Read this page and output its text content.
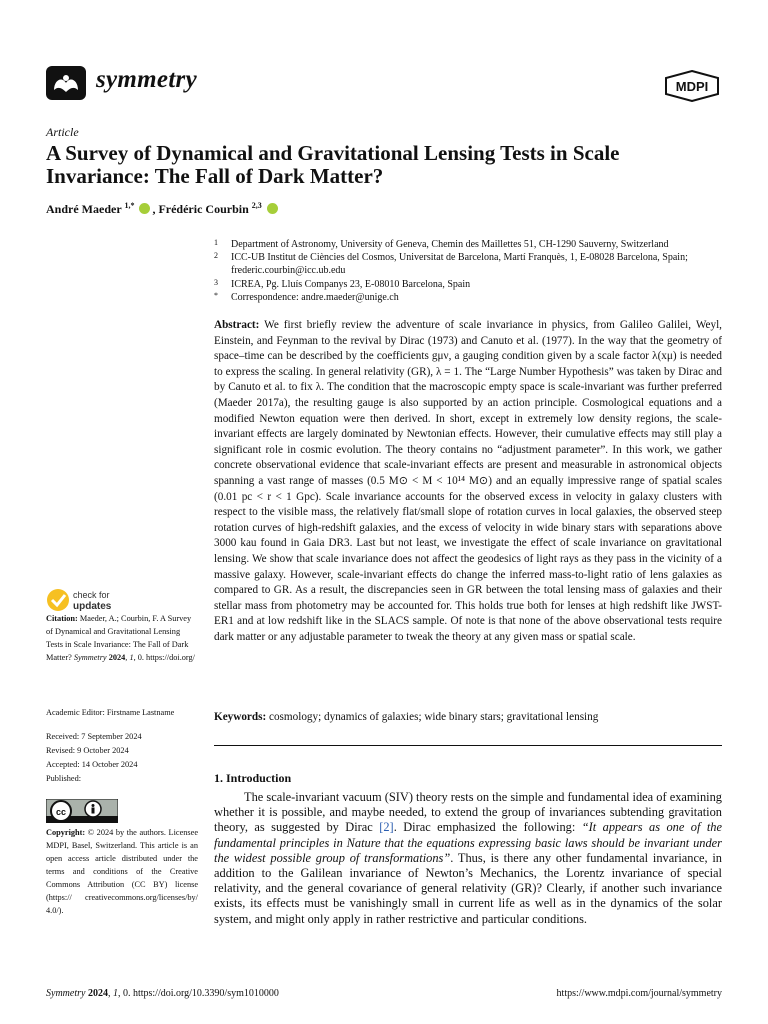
symmetry	MDPI
Article
A Survey of Dynamical and Gravitational Lensing Tests in Scale Invariance: The Fall of Dark Matter?
André Maeder $^{1,*}$ , Frédéric Courbin $^{2,3}$
1 Department of Astronomy, University of Geneva, Chemin des Maillettes 51, CH-1290 Sauverny, Switzerland
2 ICC-UB Institut de Ciències del Cosmos, Universitat de Barcelona, Martí Franquès, 1, E-08028 Barcelona, Spain; frederic.courbin@icc.ub.edu
3 ICREA, Pg. Lluís Companys 23, E-08010 Barcelona, Spain
* Correspondence: andre.maeder@unige.ch
Abstract: We first briefly review the adventure of scale invariance in physics, from Galileo Galilei, Weyl, Einstein, and Feynman to the revival by Dirac (1973) and Canuto et al. (1977). In the way that the geometry of space–time can be described by the coefficients gμν, a gauging condition given by a scale factor λ(xμ) is needed to express the scaling. In general relativity (GR), λ = 1. The “Large Number Hypothesis” was taken by Dirac and by Canuto et al. to fix λ. The condition that the macroscopic empty space is scale-invariant was further preferred (Maeder 2017a), the resulting gauge is also supported by an action principle. Cosmological equations and a modified Newton equation were then derived. In short, except in extremely low density regions, the scale-invariant effects are largely dominated by Newtonian effects. However, their cumulative effects may still play a significant role in cosmic evolution. The theory contains no “adjustment parameter”. In this work, we gather concrete observational evidence that scale-invariant effects are present and measurable in astronomical objects spanning a vast range of masses (0.5 M⊙ < M < 10¹⁴ M⊙) and an equally impressive range of spatial scales (0.01 pc < r < 1 Gpc). Scale invariance accounts for the observed excess in velocity in galaxy clusters with respect to the visible mass, the relatively flat/small slope of rotation curves in local galaxies, the observed steep rotation curves of high-redshift galaxies, and the excess of velocity in wide binary stars with separations above 3000 kau found in Gaia DR3. Last but not least, we investigate the effect of scale invariance on gravitational lensing. We show that scale invariance does not affect the geodesics of light rays as they pass in the vicinity of a massive galaxy. However, scale-invariant effects do change the inferred mass-to-light ratio of lens galaxies as compared to GR. As a result, the discrepancies seen in GR between the total lensing mass of galaxies and their stellar mass from photometry may be accounted for. This holds true both for lenses at high redshift like JWST-ER1 and at low redshift like in the SLACS sample. Of note is that none of the above observational tests require dark matter or any adjustable parameter to tweak the theory at any given mass or spatial scale.
Keywords: cosmology; dynamics of galaxies; wide binary stars; gravitational lensing
1. Introduction
The scale-invariant vacuum (SIV) theory rests on the simple and fundamental idea of examining whether it is possible, and maybe needed, to extend the group of invariances subtending gravitation theory, as suggested by Dirac [2]. Dirac emphasized the following: “It appears as one of the fundamental principles in Nature that the equations expressing basic laws should be invariant under the widest possible group of transformations”. Thus, is there any other fundamental invariance, in addition to the Galilean invariance of Newton’s Mechanics, the Lorentz invariance of special relativity, and the general covariance of general relativity (GR)? Clearly, if another such invariance exists, its effects must be vanishingly small in current life as well as in the dynamics of the solar system, and might only apply in rather restrictive and particular conditions.
check for
updates
Citation: Maeder, A.; Courbin, F. A Survey of Dynamical and Gravitational Lensing Tests in Scale Invariance: The Fall of Dark Matter? Symmetry 2024, 1, 0. https://doi.org/
Academic Editor: Firstname Lastname
Received: 7 September 2024
Revised: 9 October 2024
Accepted: 14 October 2024
Published:
cc
Copyright: © 2024 by the authors. Licensee MDPI, Basel, Switzerland. This article is an open access article distributed under the terms and conditions of the Creative Commons Attribution (CC BY) license (https:// creativecommons.org/licenses/by/ 4.0/).
Symmetry 2024, 1, 0. https://doi.org/10.3390/sym1010000	https://www.mdpi.com/journal/symmetry
